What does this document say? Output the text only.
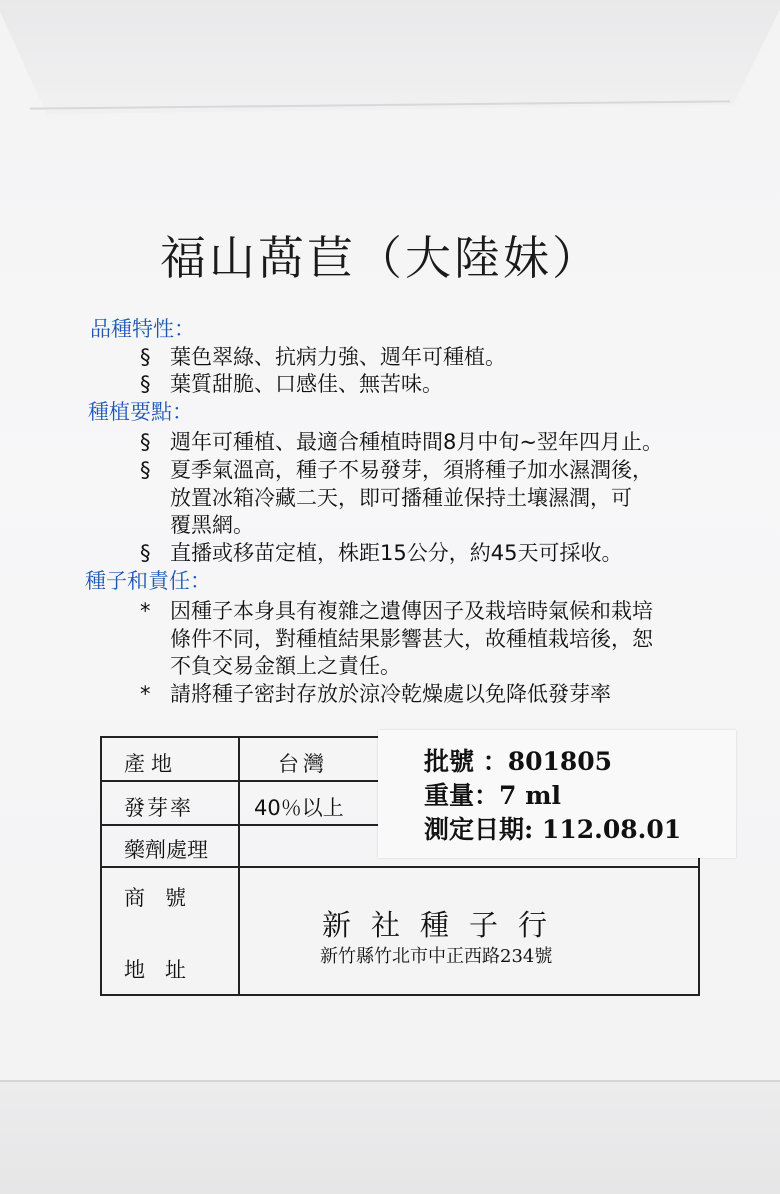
福山萵苣（大陸妹）
品種特性：
§ 葉色翠綠、抗病力強、週年可種植。
§ 葉質甜脆、口感佳、無苦味。
種植要點：
§ 週年可種植、最適合種植時間8月中旬~翌年四月止。
§ 夏季氣溫高，種子不易發芽，須將種子加水濕潤後，
放置冰箱冷藏二天，即可播種並保持土壤濕潤，可
覆黑網。
§ 直播或移苗定植，株距15公分，約45天可採收。
種子和責任：
* 因種子本身具有複雜之遺傳因子及栽培時氣候和栽培
條件不同，對種植結果影響甚大，故種植栽培後，恕
不負交易金額上之責任。
* 請將種子密封存放於涼冷乾燥處以免降低發芽率
產地	台灣
發芽率	40％以上
藥劑處理
商號
地址
新社種子行
新竹縣竹北市中正西路234號
批號 ：801805
重量：7 ml
測定日期: 112.08.01
